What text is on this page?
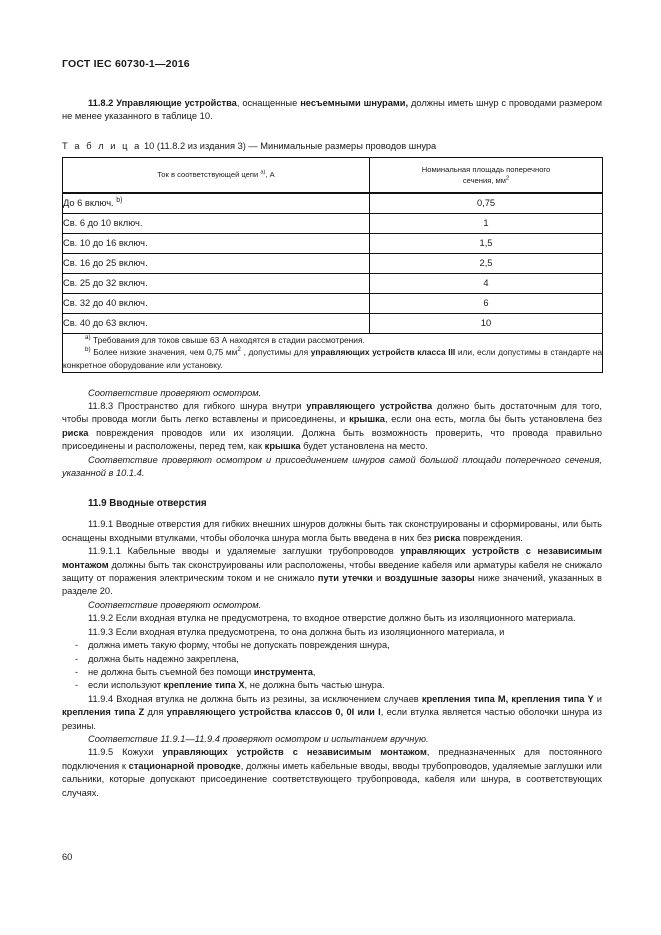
ГОСТ IEC 60730-1—2016

11.8.2 Управляющие устройства, оснащенные несъемными шнурами, должны иметь шнур с проводами размером не менее указанного в таблице 10.

Т а б л и ц а 10 (11.8.2 из издания 3) — Минимальные размеры проводов шнура
Ток в соответствующей цепи $^{a)}$, А	Номинальная площадь поперечного
сечения, $мм^2$
До 6 включ. $^{b)}$	0,75
Св. 6 до 10 включ.	1
Св. 10 до 16 включ.	1,5
Св. 16 до 25 включ.	2,5
Св. 25 до 32 включ.	4
Св. 32 до 40 включ.	6
Св. 40 до 63 включ.	10

$^{a)}$ Требования для токов свыше 63 А находятся в стадии рассмотрения.

$^{b)}$ Более низкие значения, чем 0,75 $мм^2$ , допустимы для управляющих устройств класса III или, если допустимы в стандарте на конкретное оборудование или установку.	

Соответствие проверяют осмотром.

11.8.3 Пространство для гибкого шнура внутри управляющего устройства должно быть достаточным для того, чтобы провода могли быть легко вставлены и присоединены, и крышка, если она есть, могла бы быть установлена без риска повреждения проводов или их изоляции. Должна быть возможность проверить, что провода правильно присоединены и расположены, перед тем, как крышка будет установлена на место.

Соответствие проверяют осмотром и присоединением шнуров самой большой площади поперечного сечения, указанной в 10.1.4.

11.9 Вводные отверстия

11.9.1 Вводные отверстия для гибких внешних шнуров должны быть так сконструированы и сформированы, или быть оснащены входными втулками, чтобы оболочка шнура могла быть введена в них без риска повреждения.

11.9.1.1 Кабельные вводы и удаляемые заглушки трубопроводов управляющих устройств с независимым монтажом должны быть так сконструированы или расположены, чтобы введение кабеля или арматуры кабеля не снижало защиту от поражения электрическим током и не снижало пути утечки и воздушные зазоры ниже значений, указанных в разделе 20.

Соответствие проверяют осмотром.

11.9.2 Если входная втулка не предусмотрена, то входное отверстие должно быть из изоляционного материала.

11.9.3 Если входная втулка предусмотрена, то она должна быть из изоляционного материала, и

- должна иметь такую форму, чтобы не допускать повреждения шнура,
- должна быть надежно закреплена,
- не должна быть съемной без помощи инструмента,
- если используют крепление типа X, не должна быть частью шнура.

11.9.4 Входная втулка не должна быть из резины, за исключением случаев крепления типа M, крепления типа Y и крепления типа Z для управляющего устройства классов 0, 0I или I, если втулка является частью оболочки шнура из резины.

Соответствие 11.9.1—11.9.4 проверяют осмотром и испытанием вручную.

11.9.5 Кожухи управляющих устройств с независимым монтажом, предназначенных для постоянного подключения к стационарной проводке, должны иметь кабельные вводы, вводы трубопроводов, удаляемые заглушки или сальники, которые допускают присоединение соответствующего трубопровода, кабеля или шнура, в соответствующих случаях.

60
